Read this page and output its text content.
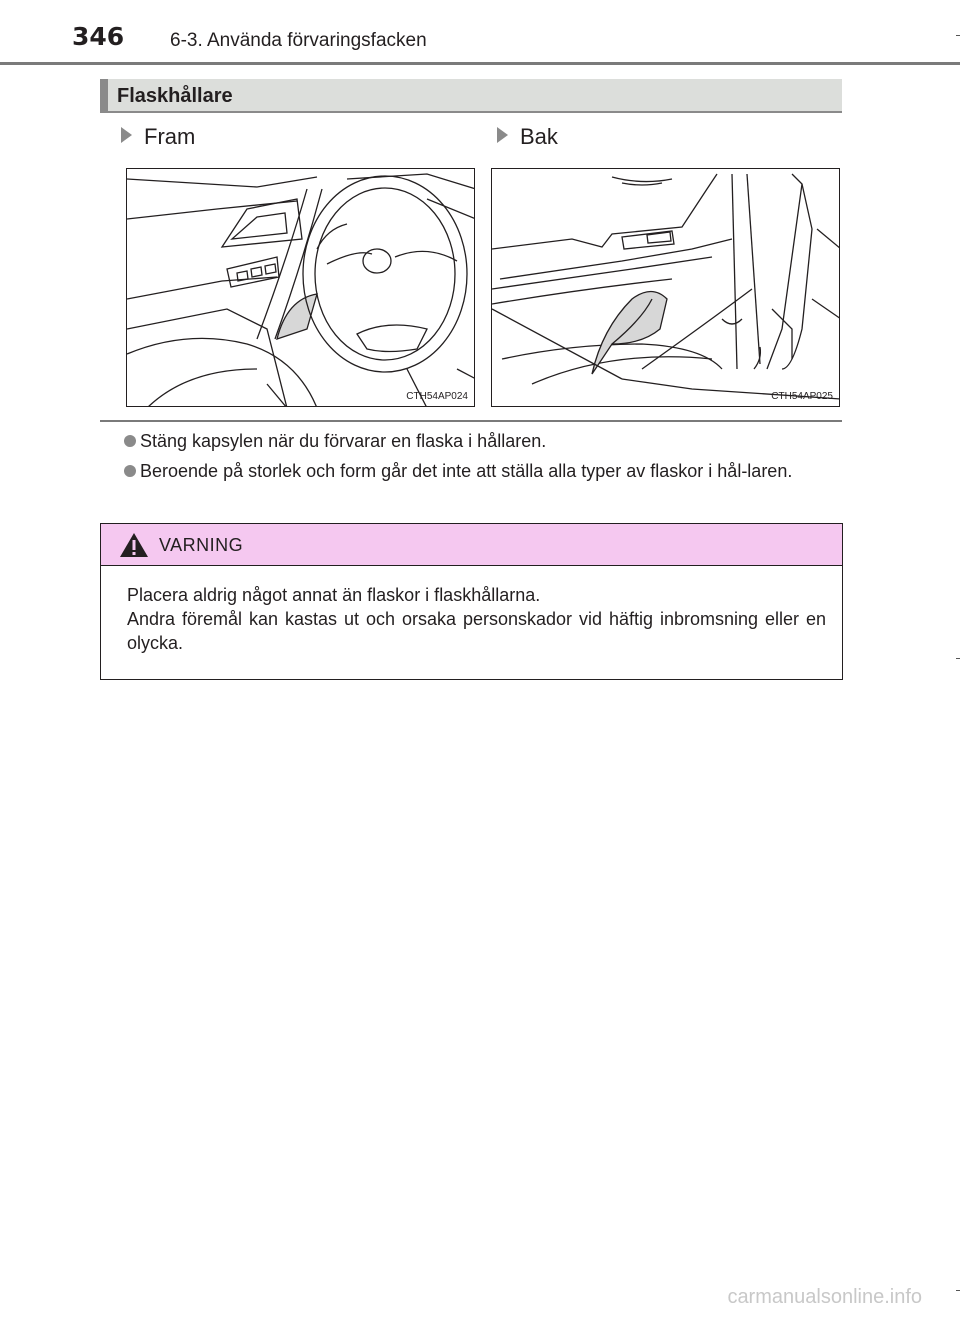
346 6-3. Använda förvaringsfacken
Flaskhållare
Fram	Bak
CTH54AP024	CTH54AP025
Stäng kapsylen när du förvarar en flaska i hållaren.
Beroende på storlek och form går det inte att ställa alla typer av flaskor i hål-laren.
VARNING

Placera aldrig något annat än flaskor i flaskhållarna.

Andra föremål kan kastas ut och orsaka personskador vid häftig inbromsning eller en olycka.

carmanualsonline.info
